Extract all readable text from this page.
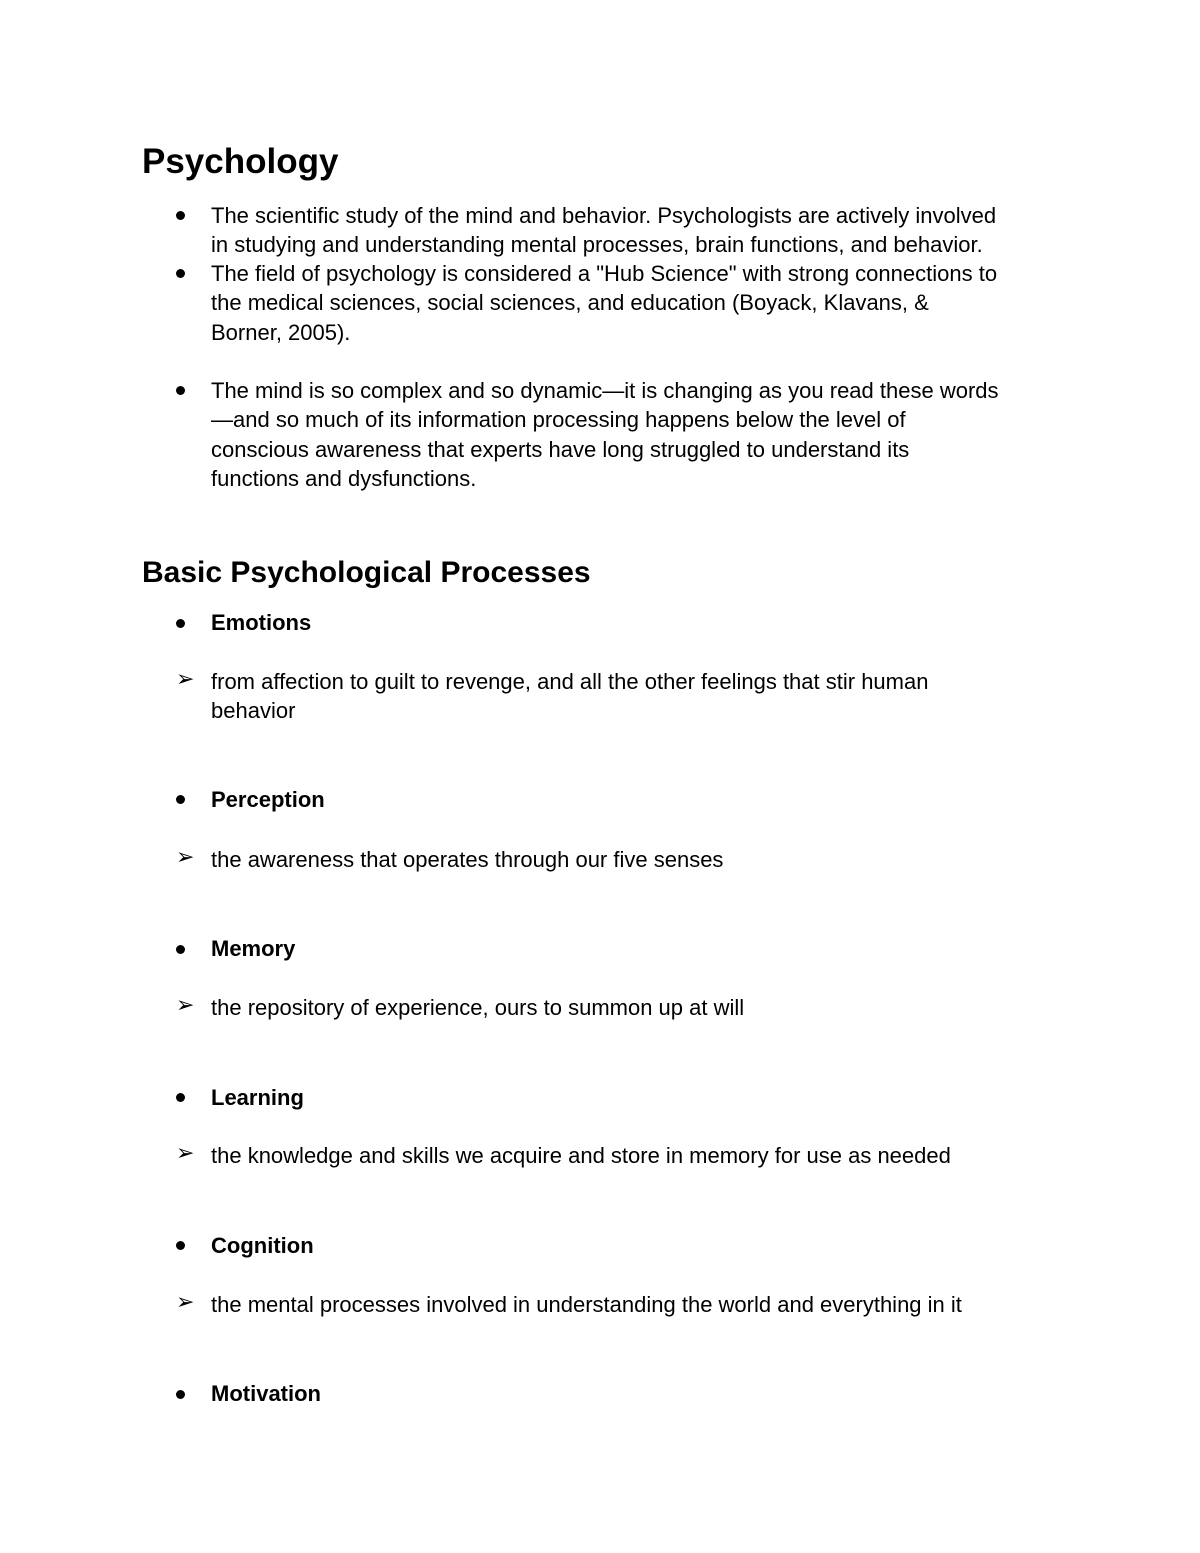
Psychology

The scientific study of the mind and behavior. Psychologists are actively involved
in studying and understanding mental processes, brain functions, and behavior.

The field of psychology is considered a "Hub Science" with strong connections to
the medical sciences, social sciences, and education (Boyack, Klavans, &
Borner, 2005).

The mind is so complex and so dynamic—it is changing as you read these words
—and so much of its information processing happens below the level of
conscious awareness that experts have long struggled to understand its
functions and dysfunctions.

Basic Psychological Processes

Emotions

➢ from affection to guilt to revenge, and all the other feelings that stir human
behavior

Perception

➢ the awareness that operates through our five senses

Memory

➢ the repository of experience, ours to summon up at will

Learning

➢ the knowledge and skills we acquire and store in memory for use as needed

Cognition

➢ the mental processes involved in understanding the world and everything in it

Motivation
